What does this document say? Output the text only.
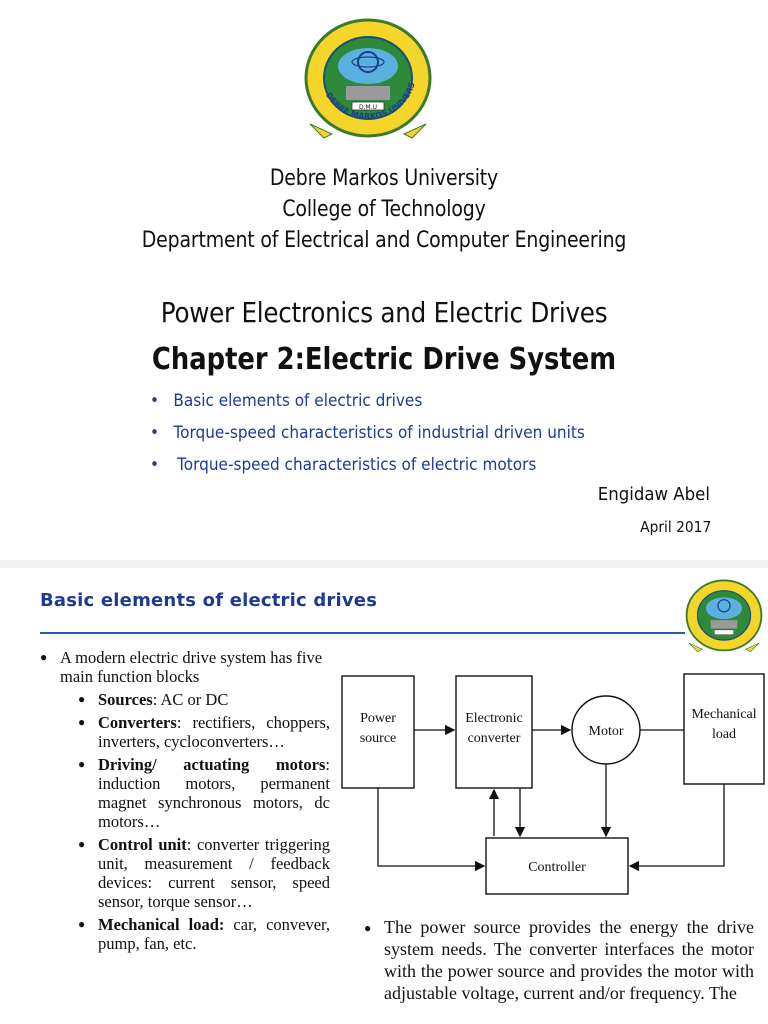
D.M.U
DEBRE MARKOS UNIVERS
Debre Markos University
College of Technology
Department of Electrical and Computer Engineering
Power Electronics and Electric Drives
Chapter 2:Electric Drive System
• Basic elements of electric drives
• Torque-speed characteristics of industrial driven units
• Torque-speed characteristics of electric motors
Engidaw Abel
April 2017
Basic elements of electric drives
● A modern electric drive system has five main function blocks
● Sources: AC or DC
● Converters: rectifiers, choppers, inverters, cycloconverters…
● Driving/ actuating motors: induction motors, permanent magnet synchronous motors, dc motors…
● Control unit: converter triggering unit, measurement / feedback devices: current sensor, speed sensor, torque sensor…
● Mechanical load: car, convever, pump, fan, etc.
Power
source
Electronic
converter	Motor
Mechanical
load
Controller
● The power source provides the energy the drive system needs. The converter interfaces the motor with the power source and provides the motor with adjustable voltage, current and/or frequency. The
